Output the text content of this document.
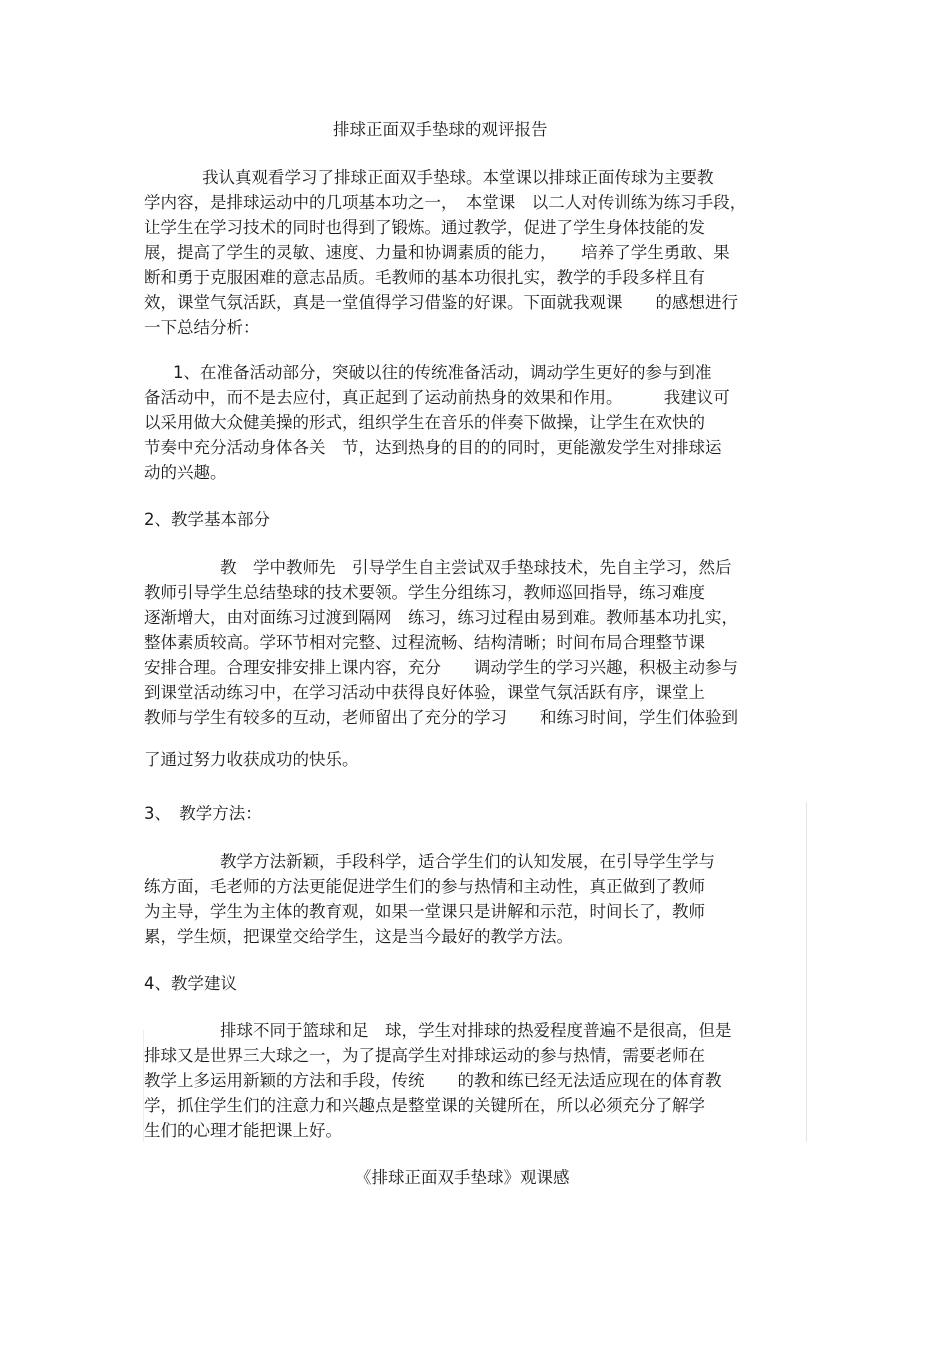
排球正面双手垫球的观评报告

我认真观看学习了排球正面双手垫球。本堂课以排球正面传球为主要教

学内容，是排球运动中的几项基本功之一，　本堂课　以二人对传训练为练习手段，

让学生在学习技术的同时也得到了锻炼。通过教学，促进了学生身体技能的发

展，提高了学生的灵敏、速度、力量和协调素质的能力，　　培养了学生勇敢、果

断和勇于克服困难的意志品质。毛教师的基本功很扎实，教学的手段多样且有

效，课堂气氛活跃，真是一堂值得学习借鉴的好课。下面就我观课　　的感想进行

一下总结分析：

1、在准备活动部分，突破以往的传统准备活动，调动学生更好的参与到准

备活动中，而不是去应付，真正起到了运动前热身的效果和作用。　　　我建议可

以采用做大众健美操的形式，组织学生在音乐的伴奏下做操，让学生在欢快的

节奏中充分活动身体各关　节，达到热身的目的的同时，更能激发学生对排球运

动的兴趣。

2、教学基本部分

教　学中教师先　引导学生自主尝试双手垫球技术，先自主学习，然后

教师引导学生总结垫球的技术要领。学生分组练习，教师巡回指导，练习难度

逐渐增大，由对面练习过渡到隔网　练习，练习过程由易到难。教师基本功扎实，

整体素质较高。学环节相对完整、过程流畅、结构清晰；时间布局合理整节课

安排合理。合理安排安排上课内容，充分　　调动学生的学习兴趣，积极主动参与

到课堂活动练习中，在学习活动中获得良好体验，课堂气氛活跃有序，课堂上

教师与学生有较多的互动，老师留出了充分的学习　　和练习时间，学生们体验到

了通过努力收获成功的快乐。

3、　教学方法：

教学方法新颖，手段科学，适合学生们的认知发展，在引导学生学与

练方面，毛老师的方法更能促进学生们的参与热情和主动性，真正做到了教师

为主导，学生为主体的教育观，如果一堂课只是讲解和示范，时间长了，教师

累，学生烦，把课堂交给学生，这是当今最好的教学方法。

4、教学建议

排球不同于篮球和足　球，学生对排球的热爱程度普遍不是很高，但是

排球又是世界三大球之一，为了提高学生对排球运动的参与热情，需要老师在

教学上多运用新颖的方法和手段，传统　　的教和练已经无法适应现在的体育教

学，抓住学生们的注意力和兴趣点是整堂课的关键所在，所以必须充分了解学

生们的心理才能把课上好。

《排球正面双手垫球》观课感
